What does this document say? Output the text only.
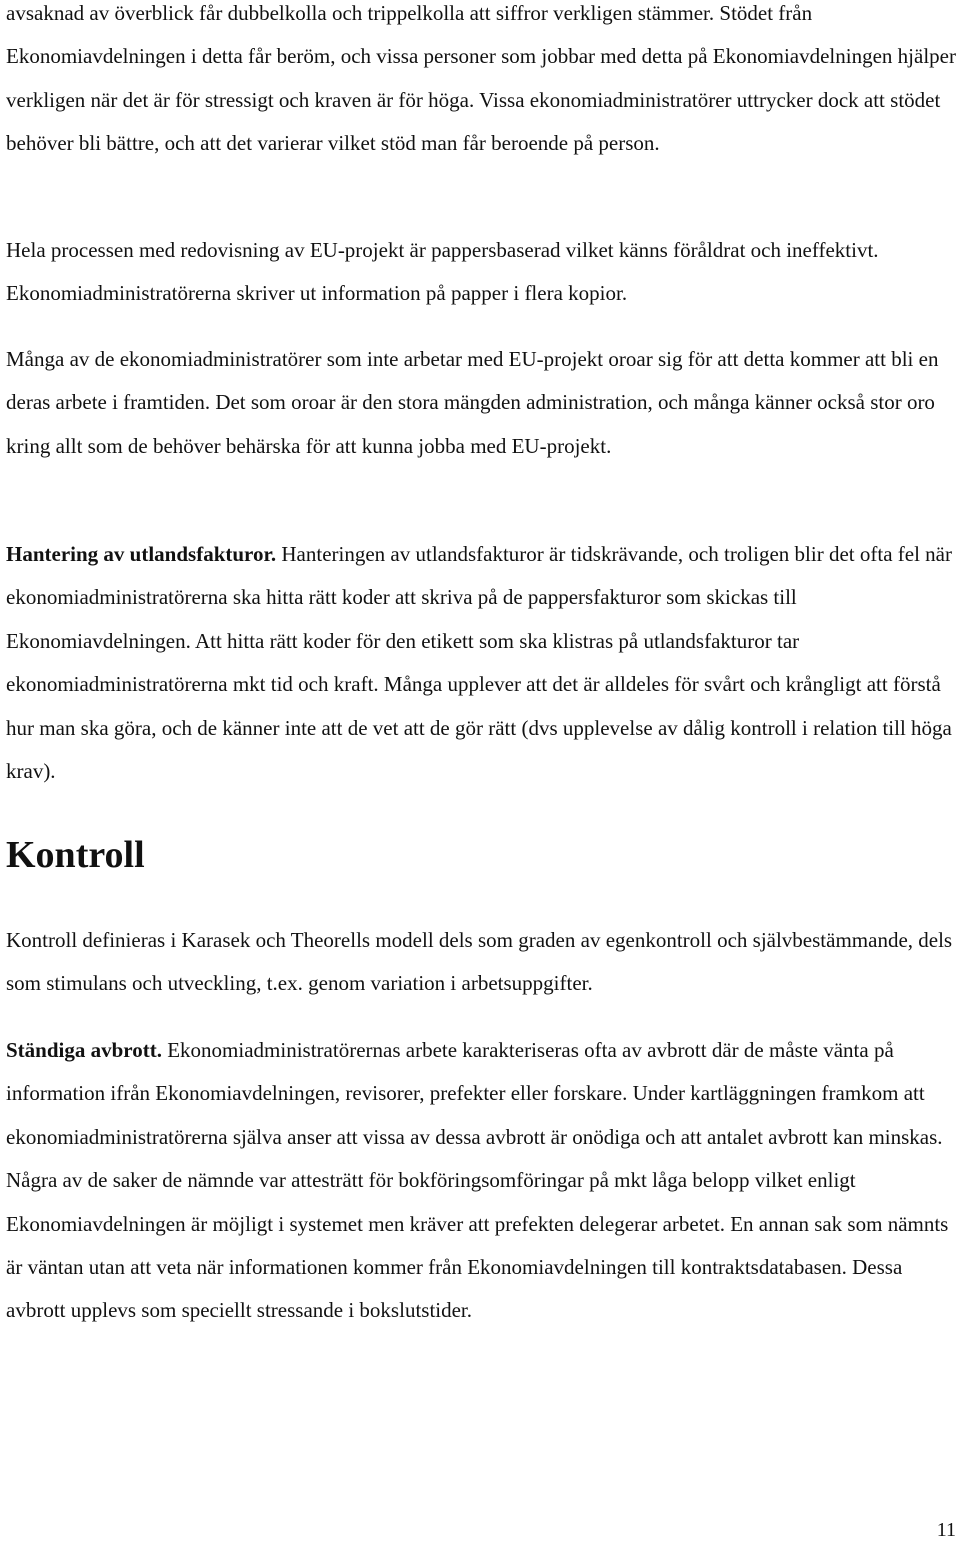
avsaknad av överblick får dubbelkolla och trippelkolla att siffror verkligen stämmer. Stödet från Ekonomiavdelningen i detta får beröm, och vissa personer som jobbar med detta på Ekonomiavdelningen hjälper verkligen när det är för stressigt och kraven är för höga. Vissa ekonomiadministratörer uttrycker dock att stödet behöver bli bättre, och att det varierar vilket stöd man får beroende på person.

Hela processen med redovisning av EU-projekt är pappersbaserad vilket känns föråldrat och ineffektivt. Ekonomiadministratörerna skriver ut information på papper i flera kopior.

Många av de ekonomiadministratörer som inte arbetar med EU-projekt oroar sig för att detta kommer att bli en deras arbete i framtiden. Det som oroar är den stora mängden administration, och många känner också stor oro kring allt som de behöver behärska för att kunna jobba med EU-projekt.

Hantering av utlandsfakturor. Hanteringen av utlandsfakturor är tidskrävande, och troligen blir det ofta fel när ekonomiadministratörerna ska hitta rätt koder att skriva på de pappersfakturor som skickas till Ekonomiavdelningen. Att hitta rätt koder för den etikett som ska klistras på utlandsfakturor tar ekonomiadministratörerna mkt tid och kraft. Många upplever att det är alldeles för svårt och krångligt att förstå hur man ska göra, och de känner inte att de vet att de gör rätt (dvs upplevelse av dålig kontroll i relation till höga krav).

Kontroll

Kontroll definieras i Karasek och Theorells modell dels som graden av egenkontroll och självbestämmande, dels som stimulans och utveckling, t.ex. genom variation i arbetsuppgifter.

Ständiga avbrott. Ekonomiadministratörernas arbete karakteriseras ofta av avbrott där de måste vänta på information ifrån Ekonomiavdelningen, revisorer, prefekter eller forskare. Under kartläggningen framkom att ekonomiadministratörerna själva anser att vissa av dessa avbrott är onödiga och att antalet avbrott kan minskas. Några av de saker de nämnde var attesträtt för bokföringsomföringar på mkt låga belopp vilket enligt Ekonomiavdelningen är möjligt i systemet men kräver att prefekten delegerar arbetet. En annan sak som nämnts är väntan utan att veta när informationen kommer från Ekonomiavdelningen till kontraktsdatabasen. Dessa avbrott upplevs som speciellt stressande i bokslutstider.

11
